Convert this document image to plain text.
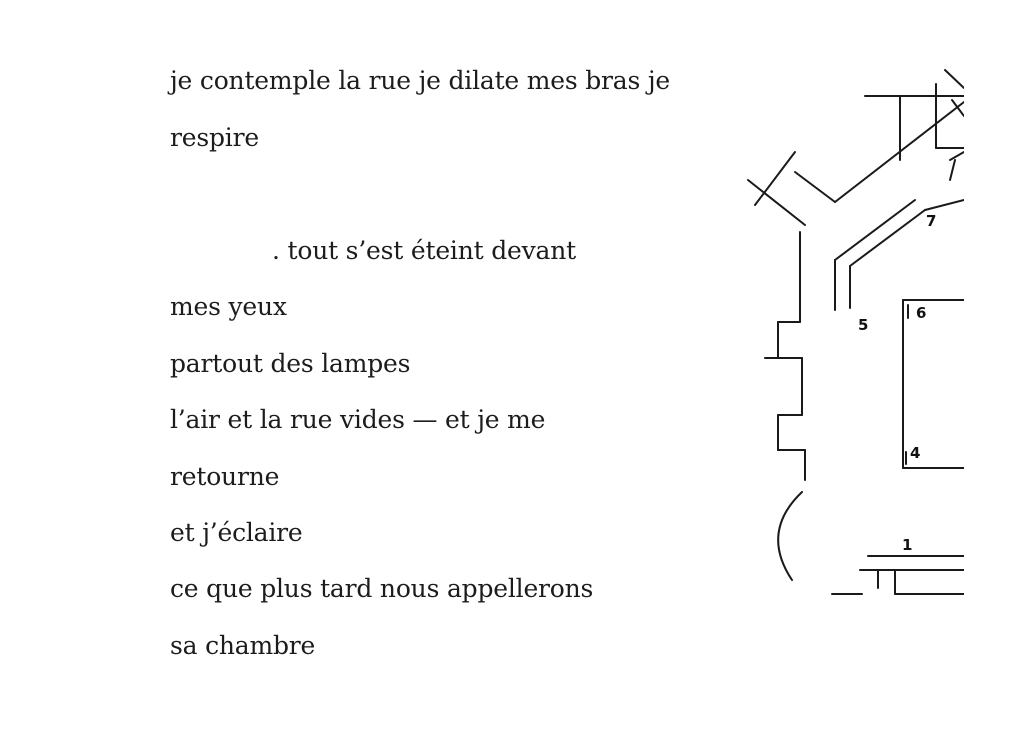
je contemple la rue je dilate mes bras je
respire
. tout s’est éteint devant
mes yeux
partout des lampes
l’air et la rue vides — et je me
retourne
et j’éclaire
ce que plus tard nous appellerons
sa chambre
7
5
6
4
1
